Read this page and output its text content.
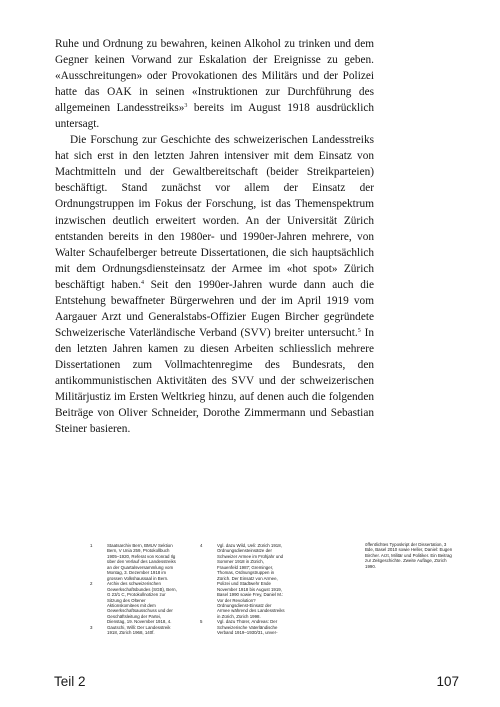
Ruhe und Ordnung zu bewahren, keinen Alkohol zu trinken und dem Gegner keinen Vorwand zur Eskalation der Ereignisse zu geben. «Ausschreitungen» oder Provokationen des Militärs und der Polizei hatte das OAK in seinen «Instruktionen zur Durchführung des allgemeinen Landesstreiks»$^3$ bereits im August 1918 ausdrücklich untersagt.

Die Forschung zur Geschichte des schweizerischen Landesstreiks hat sich erst in den letzten Jahren intensiver mit dem Einsatz von Machtmitteln und der Gewaltbereitschaft (beider Streikparteien) beschäftigt. Stand zunächst vor allem der Einsatz der Ordnungstruppen im Fokus der Forschung, ist das Themenspektrum inzwischen deutlich erweitert worden. An der Universität Zürich entstanden bereits in den 1980er- und 1990er-Jahren mehrere, von Walter Schaufelberger betreute Dissertationen, die sich hauptsächlich mit dem Ordnungsdiensteinsatz der Armee im «hot spot» Zürich beschäftigt haben.$^4$ Seit den 1990er-Jahren wurde dann auch die Entstehung bewaffneter Bürgerwehren und der im April 1919 vom Aargauer Arzt und Generalstabs-Offizier Eugen Bircher gegründete Schweizerische Vaterländische Verband (SVV) breiter untersucht.$^5$ In den letzten Jahren kamen zu diesen Arbeiten schliesslich mehrere Dissertationen zum Vollmachtenregime des Bundesrats, den antikommunistischen Aktivitäten des SVV und der schweizerischen Militärjustiz im Ersten Weltkrieg hinzu, auf denen auch die folgenden Beiträge von Oliver Schneider, Dorothe Zimmermann und Sebastian Steiner basieren.

1	Staatsarchiv Bern, BMUV Sektion Bern, V Unia 259, Protokollbuch 1905–1920, Referat von Konrad Ilg über den Verlauf des Landesstreiks an der Quartalsversammlung vom Montag, 3. Dezember 1918 im grossen Volkshaussaal in Bern.
2	Archiv des schweizerischen Gewerkschaftsbundes (SGB), Bern, G 23/1 C, Protokollnotizen zur Sitzung des Oltener Aktionskomitees mit dem Gewerkschaftsausschuss und der Geschäftsleitung der Partei, Dienstag, 19. November 1918, 4.
3	Gautschi, Willi: Der Landesstreik 1918, Zürich 1968, 140f.
4	Vgl. dazu Wild, Ueli: Zürich 1918, Ordnungsdiensteinsätze der Schweizer Armee im Frühjahr und Sommer 1918 in Zürich, Frauenfeld 1987; Greminger, Thomas, Ordnungstruppen in Zürich. Der Einsatz von Armee, Polizei und Stadtwehr Ende November 1918 bis August 1919, Basel 1990 sowie Frey, Daniel M.: Vor der Revolution? Ordnungsdienst-Einsatz der Armee während des Landesstreiks in Zürich, Zürich 1998.
5	Vgl. dazu Thürer, Andreas: Der Schweizerische Vaterländische Verband 1919–1930/31, unver-

öffentlichtes Typoskript der Dissertation, 3 Bde, Basel 2010 sowie Heller, Daniel: Eugen Bircher. Arzt, Militär und Politiker. Ein Beitrag zur Zeitgeschichte. Zweite Auflage, Zürich 1990.

Teil 2	107
